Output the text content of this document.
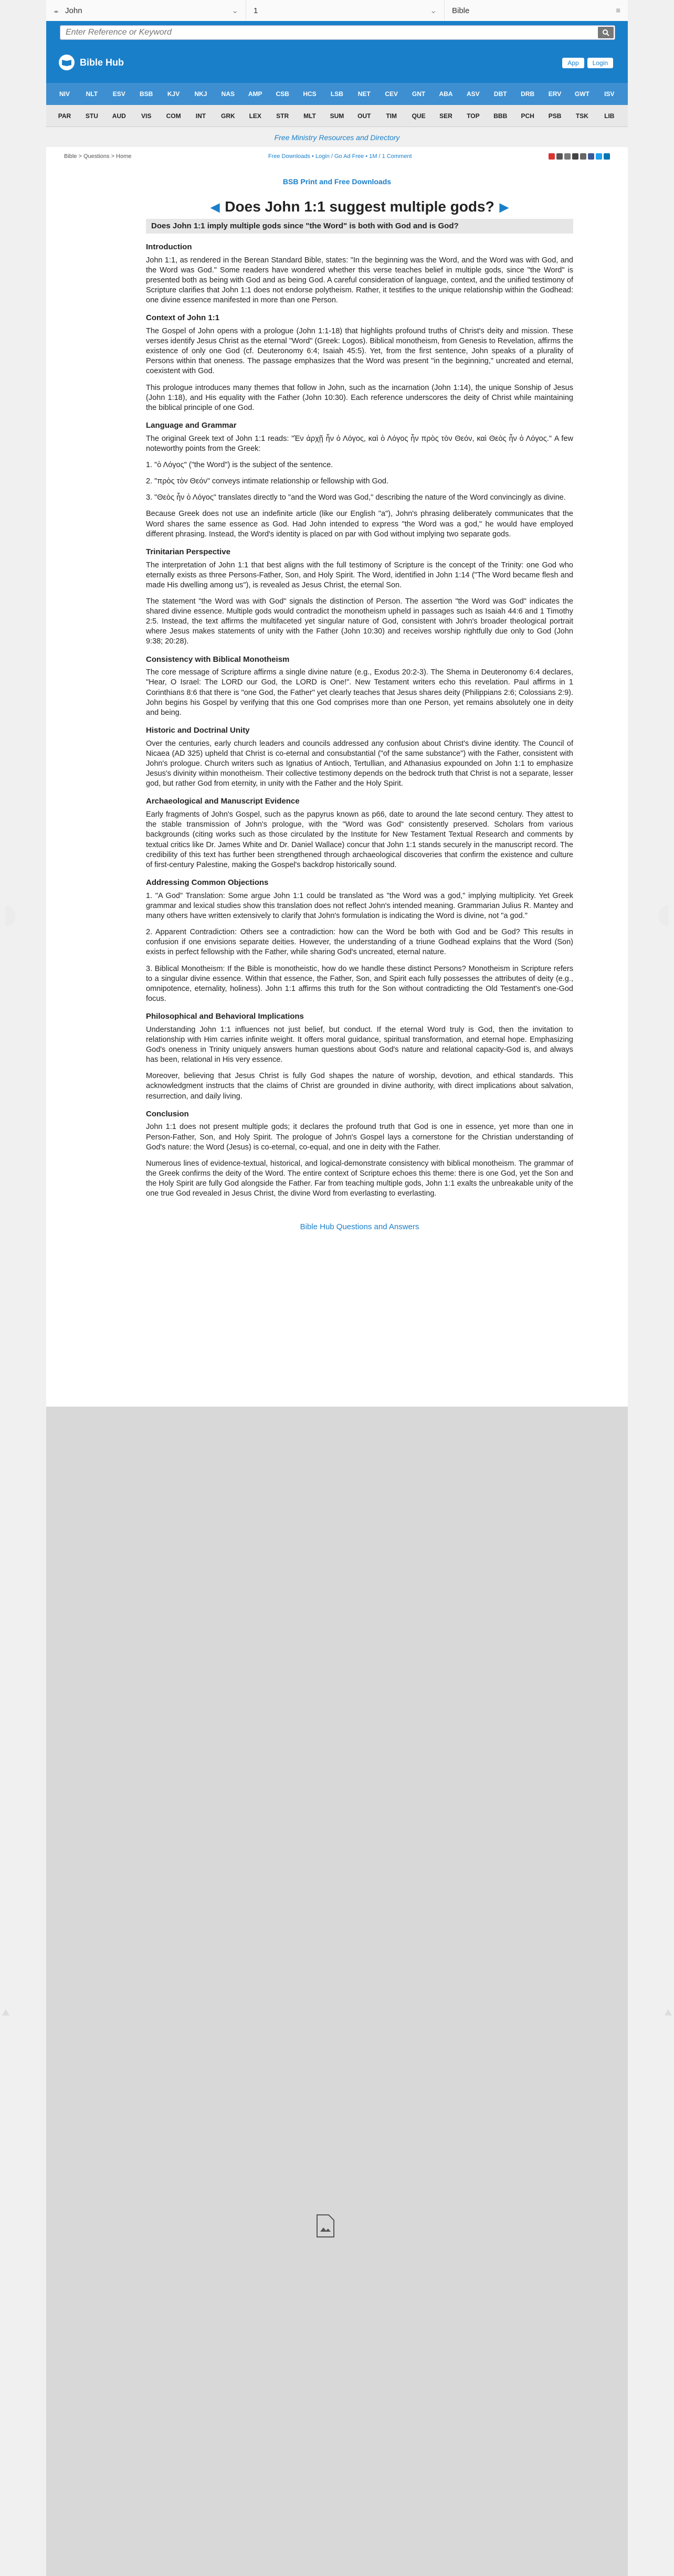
◂▸ John	⌄ 1	⌄ Bible	≡
Enter Reference or Keyword
Bible Hub	App	Login
NIV	NLT	ESV	BSB	KJV	NKJ	NAS	AMP	CSB	HCS	LSB	NET	CEV	GNT	ABA	ASV	DBT	DRB	ERV	GWT	ISV
PAR	STU	AUD	VIS	COM	INT	GRK	LEX	STR	MLT	SUM	OUT	TIM	QUE	SER	TOP	BBB	PCH	PSB	TSK	LIB
Free Ministry Resources and Directory
Bible > Questions > Home	Free Downloads • Login / Go Ad Free • 1M / 1 Comment
BSB Print and Free Downloads
◀ Does John 1:1 suggest multiple gods? ▶
Does John 1:1 imply multiple gods since "the Word" is both with God and is God?
Introduction

John 1:1, as rendered in the Berean Standard Bible, states: "In the beginning was the Word, and the Word was with God, and the Word was God." Some readers have wondered whether this verse teaches belief in multiple gods, since "the Word" is presented both as being with God and as being God. A careful consideration of language, context, and the unified testimony of Scripture clarifies that John 1:1 does not endorse polytheism. Rather, it testifies to the unique relationship within the Godhead: one divine essence manifested in more than one Person.

Context of John 1:1

The Gospel of John opens with a prologue (John 1:1-18) that highlights profound truths of Christ's deity and mission. These verses identify Jesus Christ as the eternal "Word" (Greek: Logos). Biblical monotheism, from Genesis to Revelation, affirms the existence of only one God (cf. Deuteronomy 6:4; Isaiah 45:5). Yet, from the first sentence, John speaks of a plurality of Persons within that oneness. The passage emphasizes that the Word was present "in the beginning," uncreated and eternal, coexistent with God.

This prologue introduces many themes that follow in John, such as the incarnation (John 1:14), the unique Sonship of Jesus (John 1:18), and His equality with the Father (John 10:30). Each reference underscores the deity of Christ while maintaining the biblical principle of one God.

Language and Grammar

The original Greek text of John 1:1 reads: "Ἐν ἀρχῇ ἦν ὁ Λόγος, καὶ ὁ Λόγος ἦν πρὸς τὸν Θεόν, καὶ Θεὸς ἦν ὁ Λόγος." A few noteworthy points from the Greek:

1. "ὁ Λόγος" ("the Word") is the subject of the sentence.

2. "πρὸς τὸν Θεόν" conveys intimate relationship or fellowship with God.

3. "Θεὸς ἦν ὁ Λόγος" translates directly to "and the Word was God," describing the nature of the Word convincingly as divine.

Because Greek does not use an indefinite article (like our English "a"), John's phrasing deliberately communicates that the Word shares the same essence as God. Had John intended to express "the Word was a god," he would have employed different phrasing. Instead, the Word's identity is placed on par with God without implying two separate gods.

Trinitarian Perspective

The interpretation of John 1:1 that best aligns with the full testimony of Scripture is the concept of the Trinity: one God who eternally exists as three Persons-Father, Son, and Holy Spirit. The Word, identified in John 1:14 ("The Word became flesh and made His dwelling among us"), is revealed as Jesus Christ, the eternal Son.

The statement "the Word was with God" signals the distinction of Person. The assertion "the Word was God" indicates the shared divine essence. Multiple gods would contradict the monotheism upheld in passages such as Isaiah 44:6 and 1 Timothy 2:5. Instead, the text affirms the multifaceted yet singular nature of God, consistent with John's broader theological portrait where Jesus makes statements of unity with the Father (John 10:30) and receives worship rightfully due only to God (John 9:38; 20:28).

Consistency with Biblical Monotheism

The core message of Scripture affirms a single divine nature (e.g., Exodus 20:2-3). The Shema in Deuteronomy 6:4 declares, "Hear, O Israel: The LORD our God, the LORD is One!". New Testament writers echo this revelation. Paul affirms in 1 Corinthians 8:6 that there is "one God, the Father" yet clearly teaches that Jesus shares deity (Philippians 2:6; Colossians 2:9). John begins his Gospel by verifying that this one God comprises more than one Person, yet remains absolutely one in deity and being.

Historic and Doctrinal Unity

Over the centuries, early church leaders and councils addressed any confusion about Christ's divine identity. The Council of Nicaea (AD 325) upheld that Christ is co-eternal and consubstantial ("of the same substance") with the Father, consistent with John's prologue. Church writers such as Ignatius of Antioch, Tertullian, and Athanasius expounded on John 1:1 to emphasize Jesus's divinity within monotheism. Their collective testimony depends on the bedrock truth that Christ is not a separate, lesser god, but rather God from eternity, in unity with the Father and the Holy Spirit.

Archaeological and Manuscript Evidence

Early fragments of John's Gospel, such as the papyrus known as p66, date to around the late second century. They attest to the stable transmission of John's prologue, with the "Word was God" consistently preserved. Scholars from various backgrounds (citing works such as those circulated by the Institute for New Testament Textual Research and comments by textual critics like Dr. James White and Dr. Daniel Wallace) concur that John 1:1 stands securely in the manuscript record. The credibility of this text has further been strengthened through archaeological discoveries that confirm the existence and culture of first-century Palestine, making the Gospel's backdrop historically sound.

Addressing Common Objections

1. "A God" Translation: Some argue John 1:1 could be translated as "the Word was a god," implying multiplicity. Yet Greek grammar and lexical studies show this translation does not reflect John's intended meaning. Grammarian Julius R. Mantey and many others have written extensively to clarify that John's formulation is indicating the Word is divine, not "a god."

2. Apparent Contradiction: Others see a contradiction: how can the Word be both with God and be God? This results in confusion if one envisions separate deities. However, the understanding of a triune Godhead explains that the Word (Son) exists in perfect fellowship with the Father, while sharing God's uncreated, eternal nature.

3. Biblical Monotheism: If the Bible is monotheistic, how do we handle these distinct Persons? Monotheism in Scripture refers to a singular divine essence. Within that essence, the Father, Son, and Spirit each fully possesses the attributes of deity (e.g., omnipotence, eternality, holiness). John 1:1 affirms this truth for the Son without contradicting the Old Testament's one-God focus.

Philosophical and Behavioral Implications

Understanding John 1:1 influences not just belief, but conduct. If the eternal Word truly is God, then the invitation to relationship with Him carries infinite weight. It offers moral guidance, spiritual transformation, and eternal hope. Emphasizing God's oneness in Trinity uniquely answers human questions about God's nature and relational capacity-God is, and always has been, relational in His very essence.

Moreover, believing that Jesus Christ is fully God shapes the nature of worship, devotion, and ethical standards. This acknowledgment instructs that the claims of Christ are grounded in divine authority, with direct implications about salvation, resurrection, and daily living.

Conclusion

John 1:1 does not present multiple gods; it declares the profound truth that God is one in essence, yet more than one in Person-Father, Son, and Holy Spirit. The prologue of John's Gospel lays a cornerstone for the Christian understanding of God's nature: the Word (Jesus) is co-eternal, co-equal, and one in deity with the Father.

Numerous lines of evidence-textual, historical, and logical-demonstrate consistency with biblical monotheism. The grammar of the Greek confirms the deity of the Word. The entire context of Scripture echoes this theme: there is one God, yet the Son and the Holy Spirit are fully God alongside the Father. Far from teaching multiple gods, John 1:1 exalts the unbreakable unity of the one true God revealed in Jesus Christ, the divine Word from everlasting to everlasting.

Bible Hub Questions and Answers
